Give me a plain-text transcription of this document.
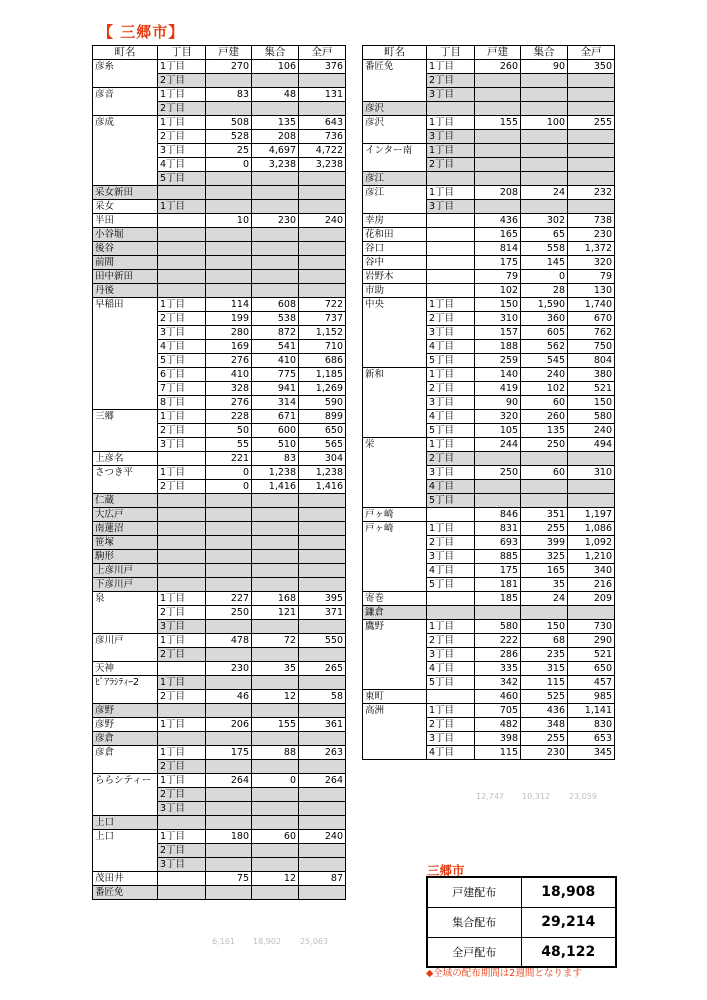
【 三郷市】
町名	丁目	戸建	集合	全戸
彦糸	1丁目	270	106	376
	2丁目			
彦音	1丁目	83	48	131
	2丁目			
彦成	1丁目	508	135	643
	2丁目	528	208	736
	3丁目	25	4,697	4,722
	4丁目	0	3,238	3,238
	5丁目			
采女新田				
采女	1丁目			
半田		10	230	240
小谷堀				
後谷				
前間				
田中新田				
丹後				
早稲田	1丁目	114	608	722
	2丁目	199	538	737
	3丁目	280	872	1,152
	4丁目	169	541	710
	5丁目	276	410	686
	6丁目	410	775	1,185
	7丁目	328	941	1,269
	8丁目	276	314	590
三郷	1丁目	228	671	899
	2丁目	50	600	650
	3丁目	55	510	565
上彦名		221	83	304
さつき平	1丁目	0	1,238	1,238
	2丁目	0	1,416	1,416
仁蔵				
大広戸				
南蓮沼				
笹塚				
駒形				
上彦川戸				
下彦川戸				
泉	1丁目	227	168	395
	2丁目	250	121	371
	3丁目			
彦川戸	1丁目	478	72	550
	2丁目			
天神		230	35	265
ﾋﾟｱﾗｼﾃｨｰ2	1丁目			
	2丁目	46	12	58
彦野				
彦野	1丁目	206	155	361
彦倉				
彦倉	1丁目	175	88	263
	2丁目			
ららシティー	1丁目	264	0	264
	2丁目			
	3丁目			
上口				
上口	1丁目	180	60	240
	2丁目			
	3丁目			
茂田井		75	12	87
番匠免				
6,161	18,902	25,063
町名	丁目	戸建	集合	全戸
番匠免	1丁目	260	90	350
	2丁目			
	3丁目			
彦沢				
彦沢	1丁目	155	100	255
	3丁目			
インター南	1丁目			
	2丁目			
彦江				
彦江	1丁目	208	24	232
	3丁目			
幸房		436	302	738
花和田		165	65	230
谷口		814	558	1,372
谷中		175	145	320
岩野木		79	0	79
市助		102	28	130
中央	1丁目	150	1,590	1,740
	2丁目	310	360	670
	3丁目	157	605	762
	4丁目	188	562	750
	5丁目	259	545	804
新和	1丁目	140	240	380
	2丁目	419	102	521
	3丁目	90	60	150
	4丁目	320	260	580
	5丁目	105	135	240
栄	1丁目	244	250	494
	2丁目			
	3丁目	250	60	310
	4丁目			
	5丁目			
戸ヶ崎		846	351	1,197
戸ヶ崎	1丁目	831	255	1,086
	2丁目	693	399	1,092
	3丁目	885	325	1,210
	4丁目	175	165	340
	5丁目	181	35	216
寄巻		185	24	209
鎌倉				
鷹野	1丁目	580	150	730
	2丁目	222	68	290
	3丁目	286	235	521
	4丁目	335	315	650
	5丁目	342	115	457
東町		460	525	985
高洲	1丁目	705	436	1,141
	2丁目	482	348	830
	3丁目	398	255	653
	4丁目	115	230	345
12,747	10,312	23,059
三郷市
戸建配布	18,908
集合配布	29,214
全戸配布	48,122
◆全域の配布期間は2週間となります
